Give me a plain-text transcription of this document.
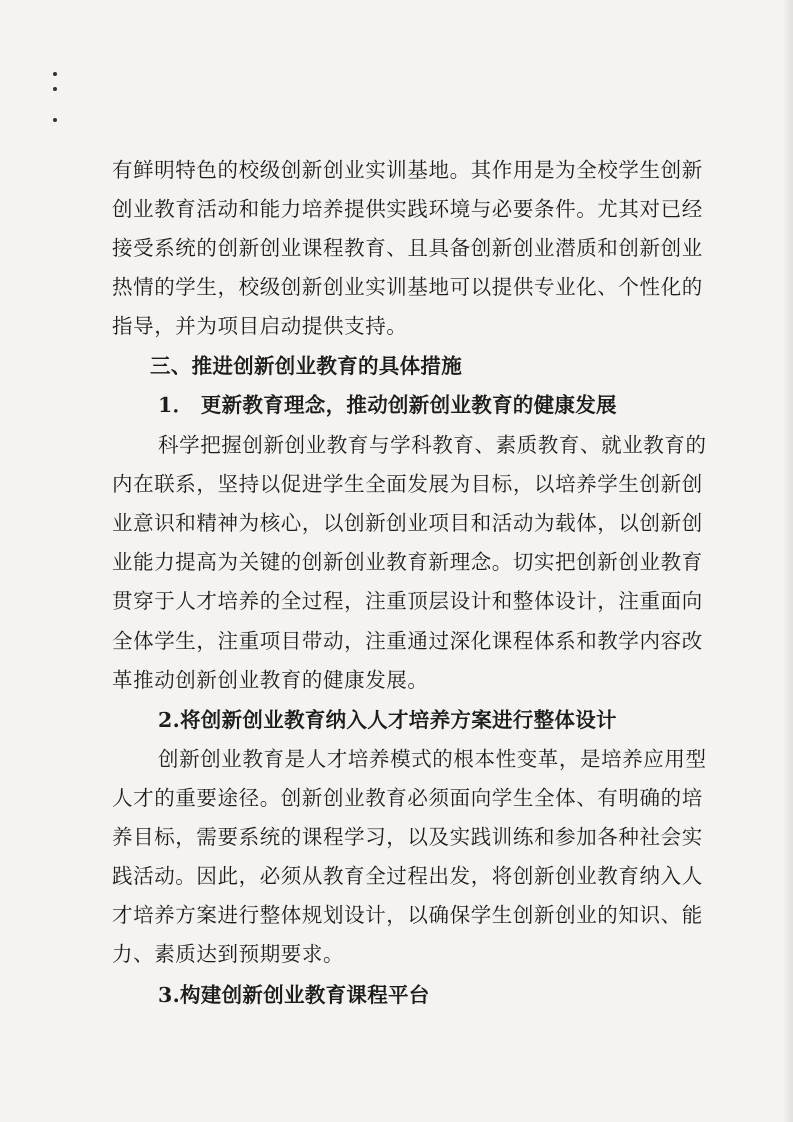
有鲜明特色的校级创新创业实训基地。其作用是为全校学生创新
创业教育活动和能力培养提供实践环境与必要条件。尤其对已经
接受系统的创新创业课程教育、且具备创新创业潜质和创新创业
热情的学生，校级创新创业实训基地可以提供专业化、个性化的
指导，并为项目启动提供支持。
三、推进创新创业教育的具体措施
1． 更新教育理念，推动创新创业教育的健康发展
科学把握创新创业教育与学科教育、素质教育、就业教育的
内在联系，坚持以促进学生全面发展为目标，以培养学生创新创
业意识和精神为核心，以创新创业项目和活动为载体，以创新创
业能力提高为关键的创新创业教育新理念。切实把创新创业教育
贯穿于人才培养的全过程，注重顶层设计和整体设计，注重面向
全体学生，注重项目带动，注重通过深化课程体系和教学内容改
革推动创新创业教育的健康发展。
2.将创新创业教育纳入人才培养方案进行整体设计
创新创业教育是人才培养模式的根本性变革，是培养应用型
人才的重要途径。创新创业教育必须面向学生全体、有明确的培
养目标，需要系统的课程学习，以及实践训练和参加各种社会实
践活动。因此，必须从教育全过程出发，将创新创业教育纳入人
才培养方案进行整体规划设计，以确保学生创新创业的知识、能
力、素质达到预期要求。
3.构建创新创业教育课程平台
